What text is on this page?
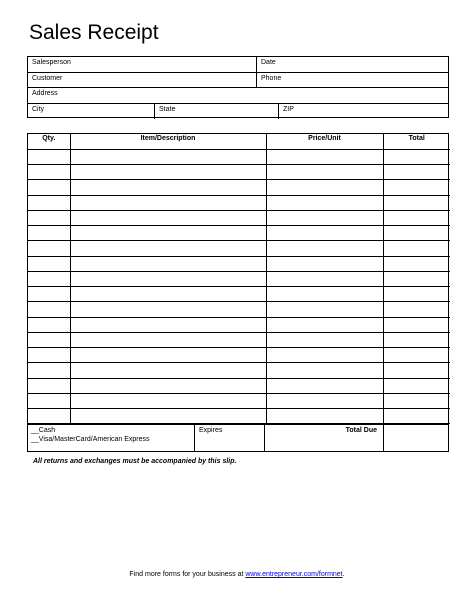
Sales Receipt
Salesperson	Date
Customer	Phone
Address
City	State	ZIP
Qty.	Item/Description	Price/Unit	Total

__Cash
__Visa/MasterCard/American Express
Expires	Total Due
All returns and exchanges must be accompanied by this slip.
Find more forms for your business at www.entrepreneur.com/formnet.
